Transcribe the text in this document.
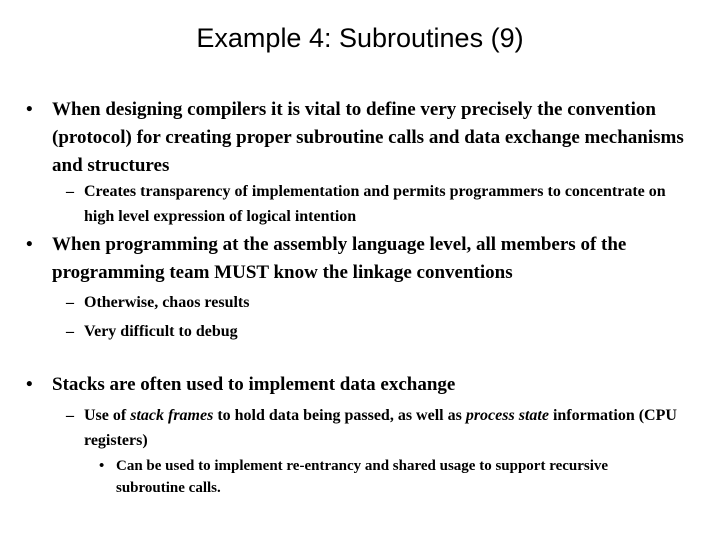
Example 4: Subroutines (9)
• When designing compilers it is vital to define very precisely the convention (protocol) for creating proper subroutine calls and data exchange mechanisms and structures
– Creates transparency of implementation and permits programmers to concentrate on high level expression of logical intention
• When programming at the assembly language level, all members of the programming team MUST know the linkage conventions
– Otherwise, chaos results
– Very difficult to debug
• Stacks are often used to implement data exchange
– Use of stack frames to hold data being passed, as well as process state information (CPU registers)
• Can be used to implement re-entrancy and shared usage to support recursive subroutine calls.
